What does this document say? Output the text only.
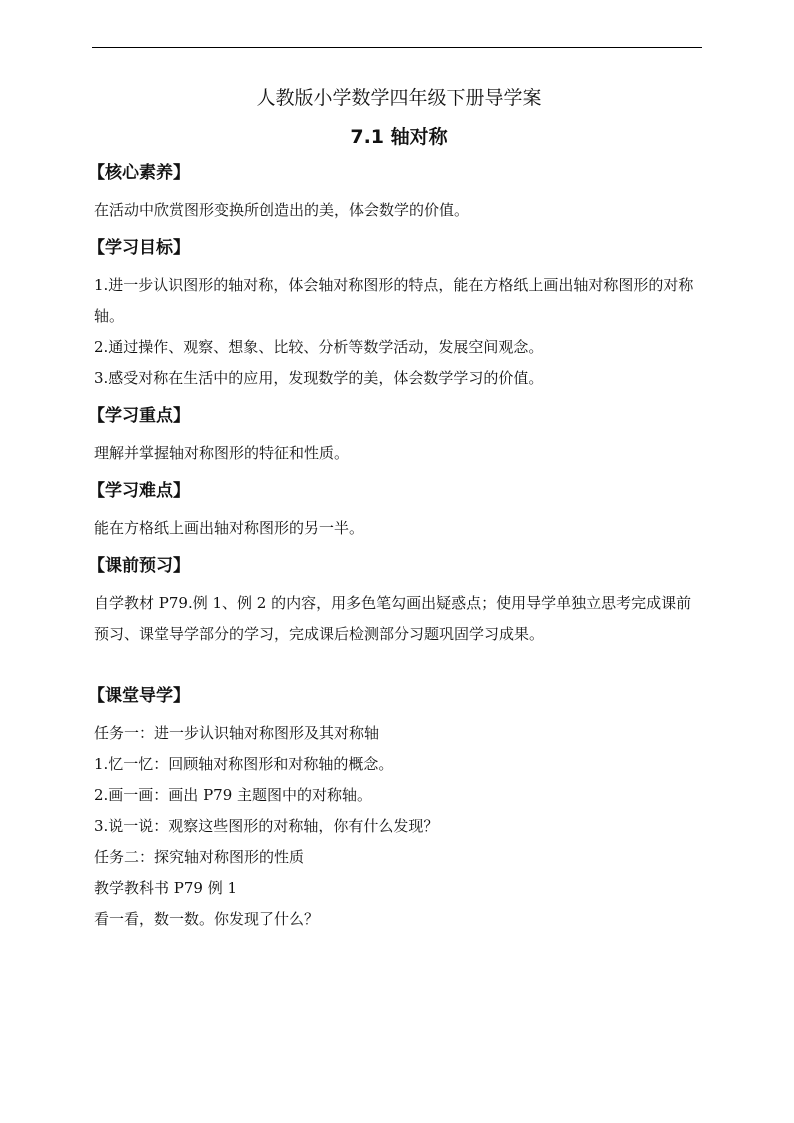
人教版小学数学四年级下册导学案
7.1 轴对称

【核心素养】

在活动中欣赏图形变换所创造出的美，体会数学的价值。

【学习目标】

1.进一步认识图形的轴对称，体会轴对称图形的特点，能在方格纸上画出轴对称图形的对称轴。

2.通过操作、观察、想象、比较、分析等数学活动，发展空间观念。

3.感受对称在生活中的应用，发现数学的美，体会数学学习的价值。

【学习重点】

理解并掌握轴对称图形的特征和性质。

【学习难点】

能在方格纸上画出轴对称图形的另一半。

【课前预习】

自学教材 P79.例 1、例 2 的内容，用多色笔勾画出疑惑点；使用导学单独立思考完成课前预习、课堂导学部分的学习，完成课后检测部分习题巩固学习成果。

【课堂导学】

任务一：进一步认识轴对称图形及其对称轴

1.忆一忆：回顾轴对称图形和对称轴的概念。

2.画一画：画出 P79 主题图中的对称轴。

3.说一说：观察这些图形的对称轴，你有什么发现？

任务二：探究轴对称图形的性质

教学教科书 P79 例 1

看一看，数一数。你发现了什么？
